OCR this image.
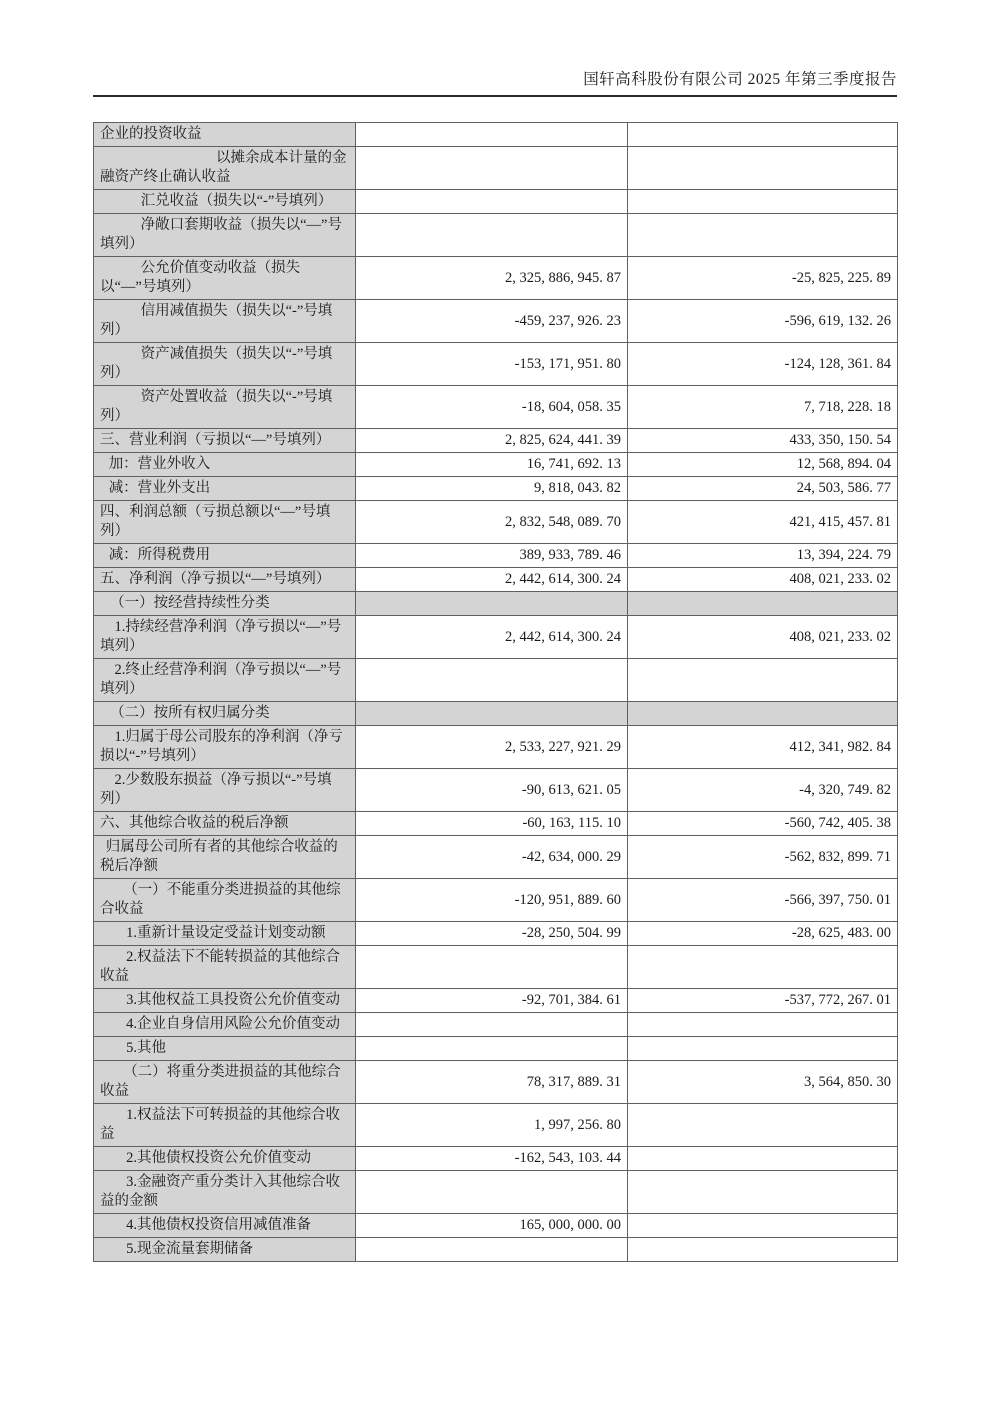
国轩高科股份有限公司 2025 年第三季度报告
企业的投资收益		
以摊余成本计量的金融资产终止确认收益		
汇兑收益（损失以“-”号填列）		
净敞口套期收益（损失以“—”号填列）		
公允价值变动收益（损失以“—”号填列）	2, 325, 886, 945. 87	-25, 825, 225. 89
信用减值损失（损失以“-”号填列）	-459, 237, 926. 23	-596, 619, 132. 26
资产减值损失（损失以“-”号填列）	-153, 171, 951. 80	-124, 128, 361. 84
资产处置收益（损失以“-”号填列）	-18, 604, 058. 35	7, 718, 228. 18
三、营业利润（亏损以“—”号填列）	2, 825, 624, 441. 39	433, 350, 150. 54
加：营业外收入	16, 741, 692. 13	12, 568, 894. 04
减：营业外支出	9, 818, 043. 82	24, 503, 586. 77
四、利润总额（亏损总额以“—”号填列）	2, 832, 548, 089. 70	421, 415, 457. 81
减：所得税费用	389, 933, 789. 46	13, 394, 224. 79
五、净利润（净亏损以“—”号填列）	2, 442, 614, 300. 24	408, 021, 233. 02
（一）按经营持续性分类		
1.持续经营净利润（净亏损以“—”号填列）	2, 442, 614, 300. 24	408, 021, 233. 02
2.终止经营净利润（净亏损以“—”号填列）		
（二）按所有权归属分类		
1.归属于母公司股东的净利润（净亏损以“-”号填列）	2, 533, 227, 921. 29	412, 341, 982. 84
2.少数股东损益（净亏损以“-”号填列）	-90, 613, 621. 05	-4, 320, 749. 82
六、其他综合收益的税后净额	-60, 163, 115. 10	-560, 742, 405. 38
归属母公司所有者的其他综合收益的税后净额	-42, 634, 000. 29	-562, 832, 899. 71
（一）不能重分类进损益的其他综合收益	-120, 951, 889. 60	-566, 397, 750. 01
1.重新计量设定受益计划变动额	-28, 250, 504. 99	-28, 625, 483. 00
2.权益法下不能转损益的其他综合收益		
3.其他权益工具投资公允价值变动	-92, 701, 384. 61	-537, 772, 267. 01
4.企业自身信用风险公允价值变动		
5.其他		
（二）将重分类进损益的其他综合收益	78, 317, 889. 31	3, 564, 850. 30
1.权益法下可转损益的其他综合收益	1, 997, 256. 80	
2.其他债权投资公允价值变动	-162, 543, 103. 44	
3.金融资产重分类计入其他综合收益的金额		
4.其他债权投资信用减值准备	165, 000, 000. 00	
5.现金流量套期储备		
